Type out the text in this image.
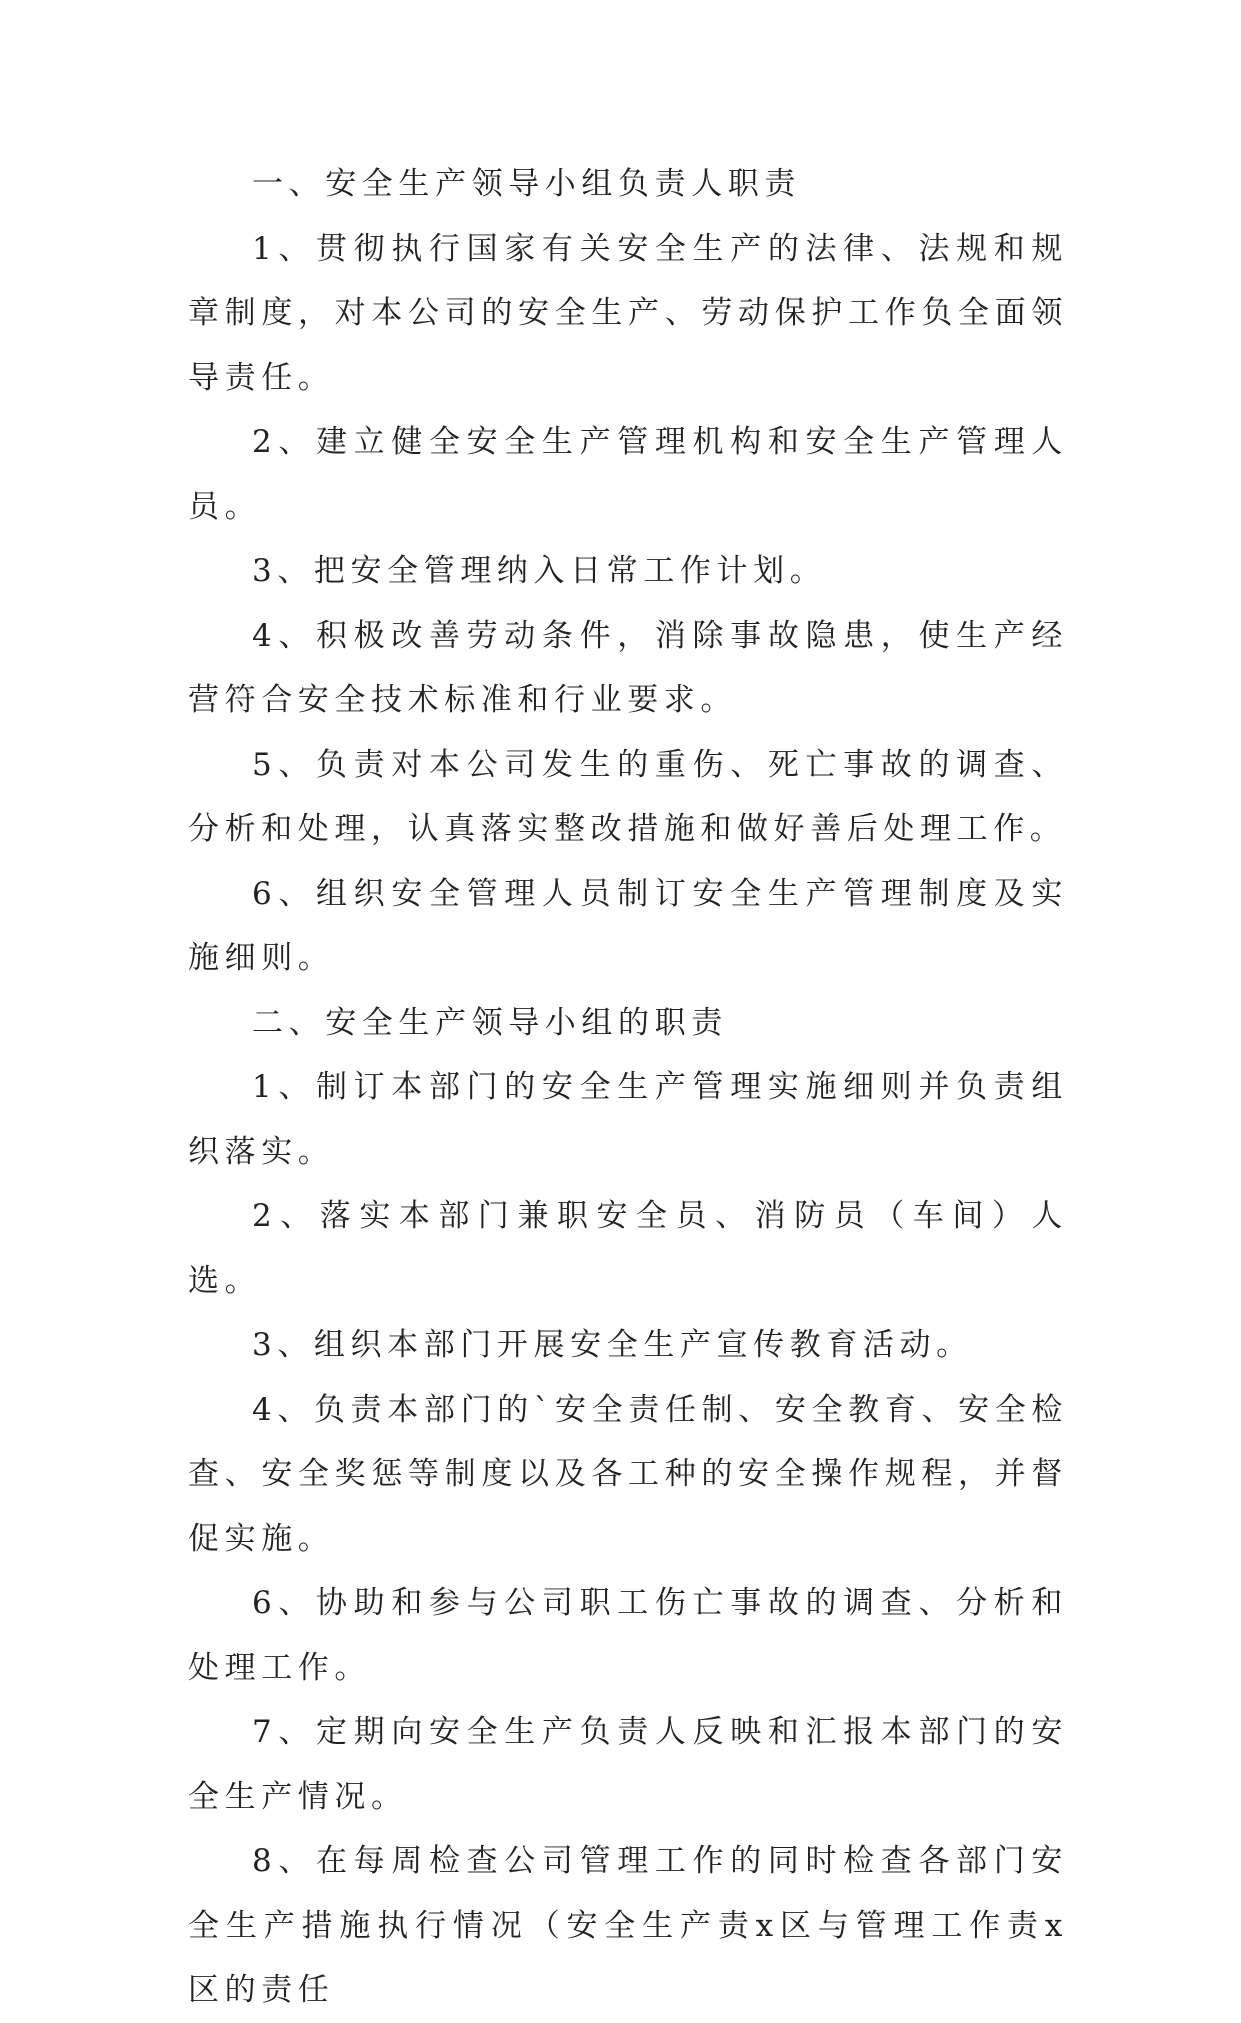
一、安全生产领导小组负责人职责

1、贯彻执行国家有关安全生产的法律、法规和规章制度，对本公司的安全生产、劳动保护工作负全面领导责任。

2、建立健全安全生产管理机构和安全生产管理人员。

3、把安全管理纳入日常工作计划。

4、积极改善劳动条件，消除事故隐患，使生产经营符合安全技术标准和行业要求。

5、负责对本公司发生的重伤、死亡事故的调查、分析和处理，认真落实整改措施和做好善后处理工作。

6、组织安全管理人员制订安全生产管理制度及实施细则。

二、安全生产领导小组的职责

1、制订本部门的安全生产管理实施细则并负责组织落实。

2、落实本部门兼职安全员、消防员（车间）人选。

3、组织本部门开展安全生产宣传教育活动。

4、负责本部门的`安全责任制、安全教育、安全检查、安全奖惩等制度以及各工种的安全操作规程，并督促实施。

6、协助和参与公司职工伤亡事故的调查、分析和处理工作。

7、定期向安全生产负责人反映和汇报本部门的安全生产情况。

8、在每周检查公司管理工作的同时检查各部门安全生产措施执行情况（安全生产责x区与管理工作责x区的责任
